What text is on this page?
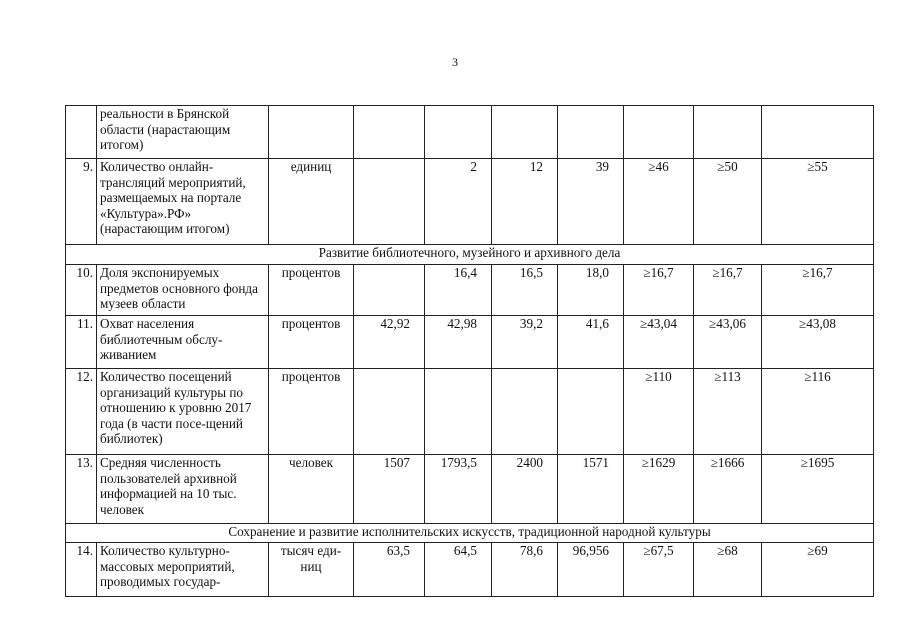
3
	реальности в Брянской области (нарастающим итогом)								
9.	Количество онлайн-трансляций мероприятий, размещаемых на портале «Культура».РФ» (нарастающим итогом)	единиц		2	12	39	≥46	≥50	≥55
Развитие библиотечного, музейного и архивного дела									
10.	Доля экспонируемых предметов основного фонда музеев области	процентов		16,4	16,5	18,0	≥16,7	≥16,7	≥16,7
11.	Охват населения библиотечным обслу-живанием	процентов	42,92	42,98	39,2	41,6	≥43,04	≥43,06	≥43,08
12.	Количество посещений организаций культуры по отношению к уровню 2017 года (в части посе-щений библиотек)	процентов					≥110	≥113	≥116
13.	Средняя численность пользователей архивной информацией на 10 тыс. человек	человек	1507	1793,5	2400	1571	≥1629	≥1666	≥1695
Сохранение и развитие исполнительских искусств, традиционной народной культуры									
14.	Количество культурно-массовых мероприятий, проводимых государ-	тысяч еди-ниц	63,5	64,5	78,6	96,956	≥67,5	≥68	≥69
